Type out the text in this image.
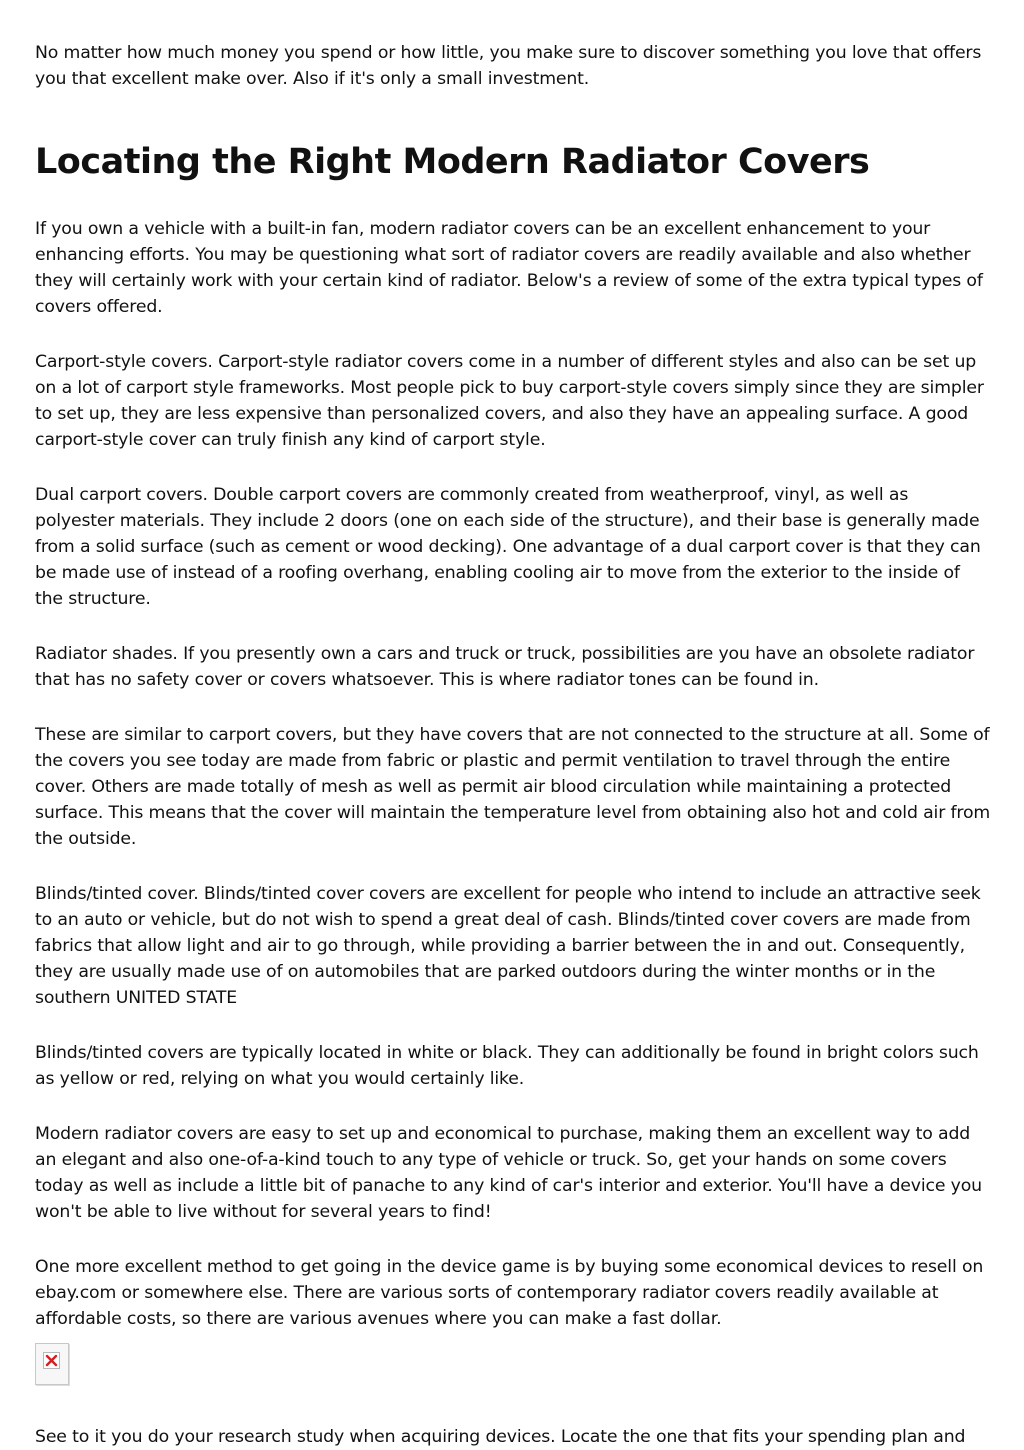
No matter how much money you spend or how little, you make sure to discover something you love that offers you that excellent make over. Also if it's only a small investment.

Locating the Right Modern Radiator Covers

If you own a vehicle with a built-in fan, modern radiator covers can be an excellent enhancement to your enhancing efforts. You may be questioning what sort of radiator covers are readily available and also whether they will certainly work with your certain kind of radiator. Below's a review of some of the extra typical types of covers offered.

Carport-style covers. Carport-style radiator covers come in a number of different styles and also can be set up on a lot of carport style frameworks. Most people pick to buy carport-style covers simply since they are simpler to set up, they are less expensive than personalized covers, and also they have an appealing surface. A good carport-style cover can truly finish any kind of carport style.

Dual carport covers. Double carport covers are commonly created from weatherproof, vinyl, as well as polyester materials. They include 2 doors (one on each side of the structure), and their base is generally made from a solid surface (such as cement or wood decking). One advantage of a dual carport cover is that they can be made use of instead of a roofing overhang, enabling cooling air to move from the exterior to the inside of the structure.

Radiator shades. If you presently own a cars and truck or truck, possibilities are you have an obsolete radiator that has no safety cover or covers whatsoever. This is where radiator tones can be found in.

These are similar to carport covers, but they have covers that are not connected to the structure at all. Some of the covers you see today are made from fabric or plastic and permit ventilation to travel through the entire cover. Others are made totally of mesh as well as permit air blood circulation while maintaining a protected surface. This means that the cover will maintain the temperature level from obtaining also hot and cold air from the outside.

Blinds/tinted cover. Blinds/tinted cover covers are excellent for people who intend to include an attractive seek to an auto or vehicle, but do not wish to spend a great deal of cash. Blinds/tinted cover covers are made from fabrics that allow light and air to go through, while providing a barrier between the in and out. Consequently, they are usually made use of on automobiles that are parked outdoors during the winter months or in the southern UNITED STATE

Blinds/tinted covers are typically located in white or black. They can additionally be found in bright colors such as yellow or red, relying on what you would certainly like.

Modern radiator covers are easy to set up and economical to purchase, making them an excellent way to add an elegant and also one-of-a-kind touch to any type of vehicle or truck. So, get your hands on some covers today as well as include a little bit of panache to any kind of car's interior and exterior. You'll have a device you won't be able to live without for several years to find!

One more excellent method to get going in the device game is by buying some economical devices to resell on ebay.com or somewhere else. There are various sorts of contemporary radiator covers readily available at affordable costs, so there are various avenues where you can make a fast dollar.

See to it you do your research study when acquiring devices. Locate the one that fits your spending plan and
